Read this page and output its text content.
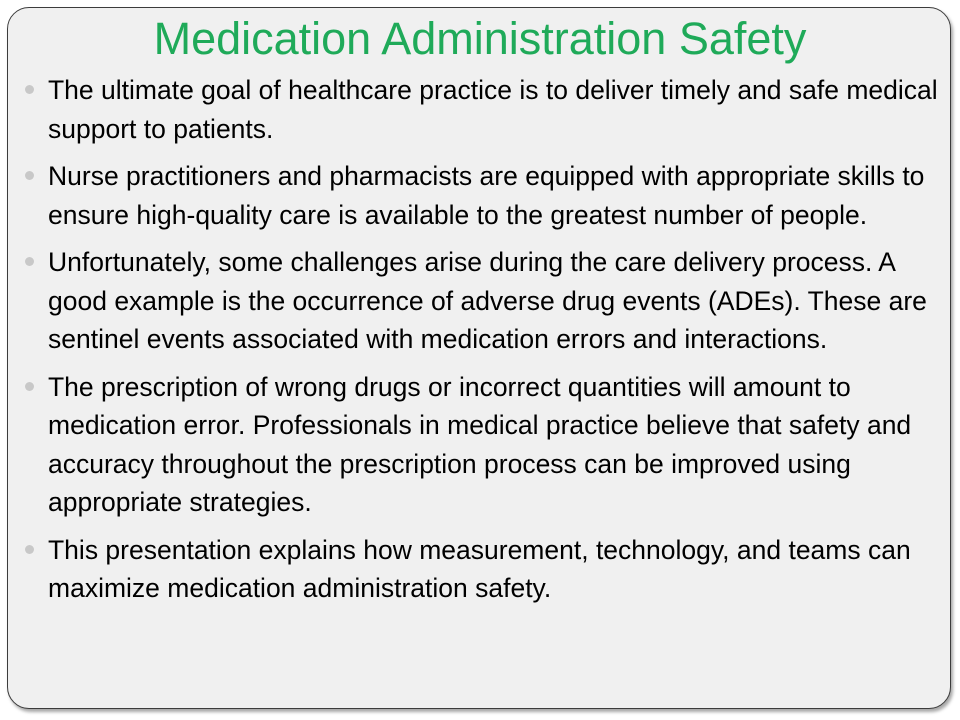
Medication Administration Safety
The ultimate goal of healthcare practice is to deliver timely and safe medical support to patients.
Nurse practitioners and pharmacists are equipped with appropriate skills to ensure high-quality care is available to the greatest number of people.
Unfortunately, some challenges arise during the care delivery process. A good example is the occurrence of adverse drug events (ADEs). These are sentinel events associated with medication errors and interactions.
The prescription of wrong drugs or incorrect quantities will amount to medication error. Professionals in medical practice believe that safety and accuracy throughout the prescription process can be improved using appropriate strategies.
This presentation explains how measurement, technology, and teams can maximize medication administration safety.
